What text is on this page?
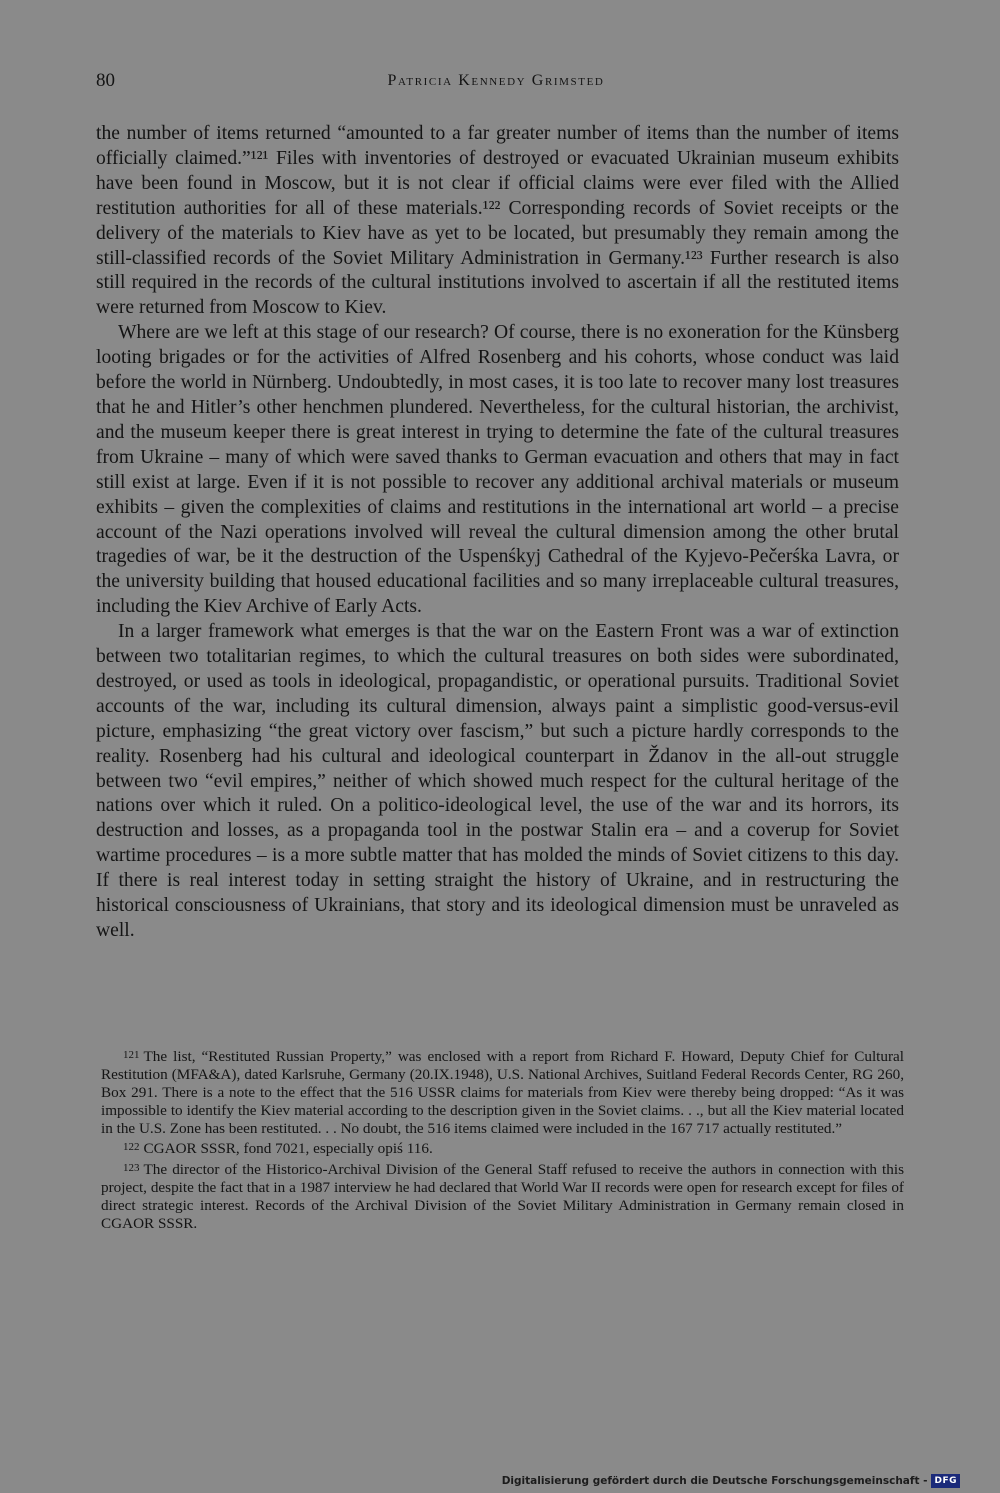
80	Patricia Kennedy Grimsted

the number of items returned “amounted to a far greater number of items than the number of items officially claimed.”¹²¹ Files with inventories of destroyed or evacuated Ukrainian museum exhibits have been found in Moscow, but it is not clear if official claims were ever filed with the Allied restitution authorities for all of these materials.¹²² Corresponding records of Soviet receipts or the delivery of the materials to Kiev have as yet to be located, but presumably they remain among the still-classified records of the Soviet Military Administration in Germany.¹²³ Further research is also still required in the records of the cultural institutions involved to ascertain if all the restituted items were returned from Moscow to Kiev.

Where are we left at this stage of our research? Of course, there is no exoneration for the Künsberg looting brigades or for the activities of Alfred Rosenberg and his cohorts, whose conduct was laid before the world in Nürnberg. Undoubtedly, in most cases, it is too late to recover many lost treasures that he and Hitler’s other henchmen plundered. Nevertheless, for the cultural historian, the archivist, and the museum keeper there is great interest in trying to determine the fate of the cultural treasures from Ukraine – many of which were saved thanks to German evacuation and others that may in fact still exist at large. Even if it is not possible to recover any additional archival materials or museum exhibits – given the complexities of claims and restitutions in the international art world – a precise account of the Nazi operations involved will reveal the cultural dimension among the other brutal tragedies of war, be it the destruction of the Uspenśkyj Cathedral of the Kyjevo-Pečerśka Lavra, or the university building that housed educational facilities and so many irreplaceable cultural treasures, including the Kiev Archive of Early Acts.

In a larger framework what emerges is that the war on the Eastern Front was a war of extinction between two totalitarian regimes, to which the cultural treasures on both sides were subordinated, destroyed, or used as tools in ideological, propagandistic, or operational pursuits. Traditional Soviet accounts of the war, including its cultural dimension, always paint a simplistic good-versus-evil picture, emphasizing “the great victory over fascism,” but such a picture hardly corresponds to the reality. Rosenberg had his cultural and ideological counterpart in Ždanov in the all-out struggle between two “evil empires,” neither of which showed much respect for the cultural heritage of the nations over which it ruled. On a politico-ideological level, the use of the war and its horrors, its destruction and losses, as a propaganda tool in the postwar Stalin era – and a coverup for Soviet wartime procedures – is a more subtle matter that has molded the minds of Soviet citizens to this day. If there is real interest today in setting straight the history of Ukraine, and in restructuring the historical consciousness of Ukrainians, that story and its ideological dimension must be unraveled as well.

121 The list, “Restituted Russian Property,” was enclosed with a report from Richard F. Howard, Deputy Chief for Cultural Restitution (MFA&A), dated Karlsruhe, Germany (20.IX.1948), U.S. National Archives, Suitland Federal Records Center, RG 260, Box 291. There is a note to the effect that the 516 USSR claims for materials from Kiev were thereby being dropped: “As it was impossible to identify the Kiev material according to the description given in the Soviet claims. . ., but all the Kiev material located in the U.S. Zone has been restituted. . . No doubt, the 516 items claimed were included in the 167 717 actually restituted.”

122 CGAOR SSSR, fond 7021, especially opiś 116.

123 The director of the Historico-Archival Division of the General Staff refused to receive the authors in connection with this project, despite the fact that in a 1987 interview he had declared that World War II records were open for research except for files of direct strategic interest. Records of the Archival Division of the Soviet Military Administration in Germany remain closed in CGAOR SSSR.

Digitalisierung gefördert durch die Deutsche Forschungsgemeinschaft - DFG
